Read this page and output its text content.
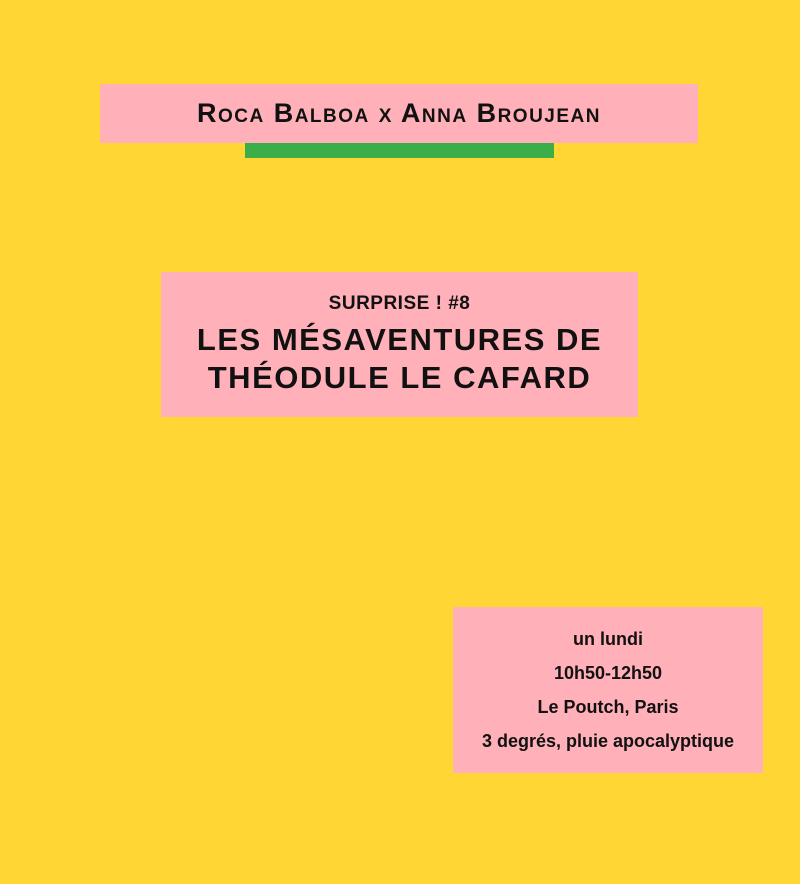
Roca Balboa x Anna Broujean
SURPRISE ! #8
LES MÉSAVENTURES DE
THÉODULE LE CAFARD
un lundi
10h50-12h50
Le Poutch, Paris
3 degrés, pluie apocalyptique
